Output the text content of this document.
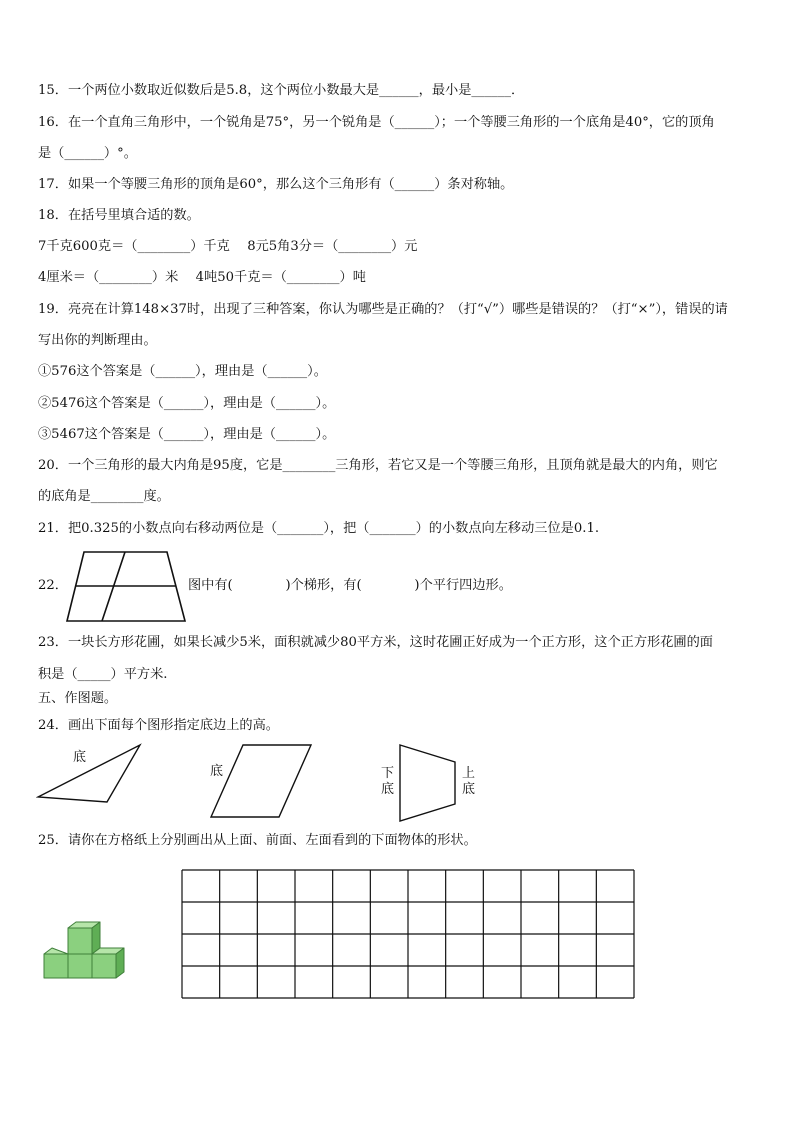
15．一个两位小数取近似数后是5.8，这个两位小数最大是______，最小是______．
16．在一个直角三角形中，一个锐角是75°，另一个锐角是（______）；一个等腰三角形的一个底角是40°，它的顶角
是（______）°。
17．如果一个等腰三角形的顶角是60°，那么这个三角形有（______）条对称轴。
18．在括号里填合适的数。
7千克600克＝（________）千克　 8元5角3分＝（________）元
4厘米＝（________）米　 4吨50千克＝（________）吨
19．亮亮在计算148×37时，出现了三种答案，你认为哪些是正确的？（打“√”）哪些是错误的？（打“×”），错误的请
写出你的判断理由。
①576这个答案是（______），理由是（______）。
②5476这个答案是（______），理由是（______）。
③5467这个答案是（______），理由是（______）。
20．一个三角形的最大内角是95度，它是________三角形，若它又是一个等腰三角形，且顶角就是最大的内角，则它
的底角是________度。
21．把0.325的小数点向右移动两位是（_______），把（_______）的小数点向左移动三位是0.1.
22．	图中有(　　　　)个梯形，有(　　　　)个平行四边形。
23．一块长方形花圃，如果长减少5米，面积就减少80平方米，这时花圃正好成为一个正方形，这个正方形花圃的面
积是（_____）平方米.
五、作图题。
24．画出下面每个图形指定底边上的高。
底
底	下
底
上
底
25．请你在方格纸上分别画出从上面、前面、左面看到的下面物体的形状。
